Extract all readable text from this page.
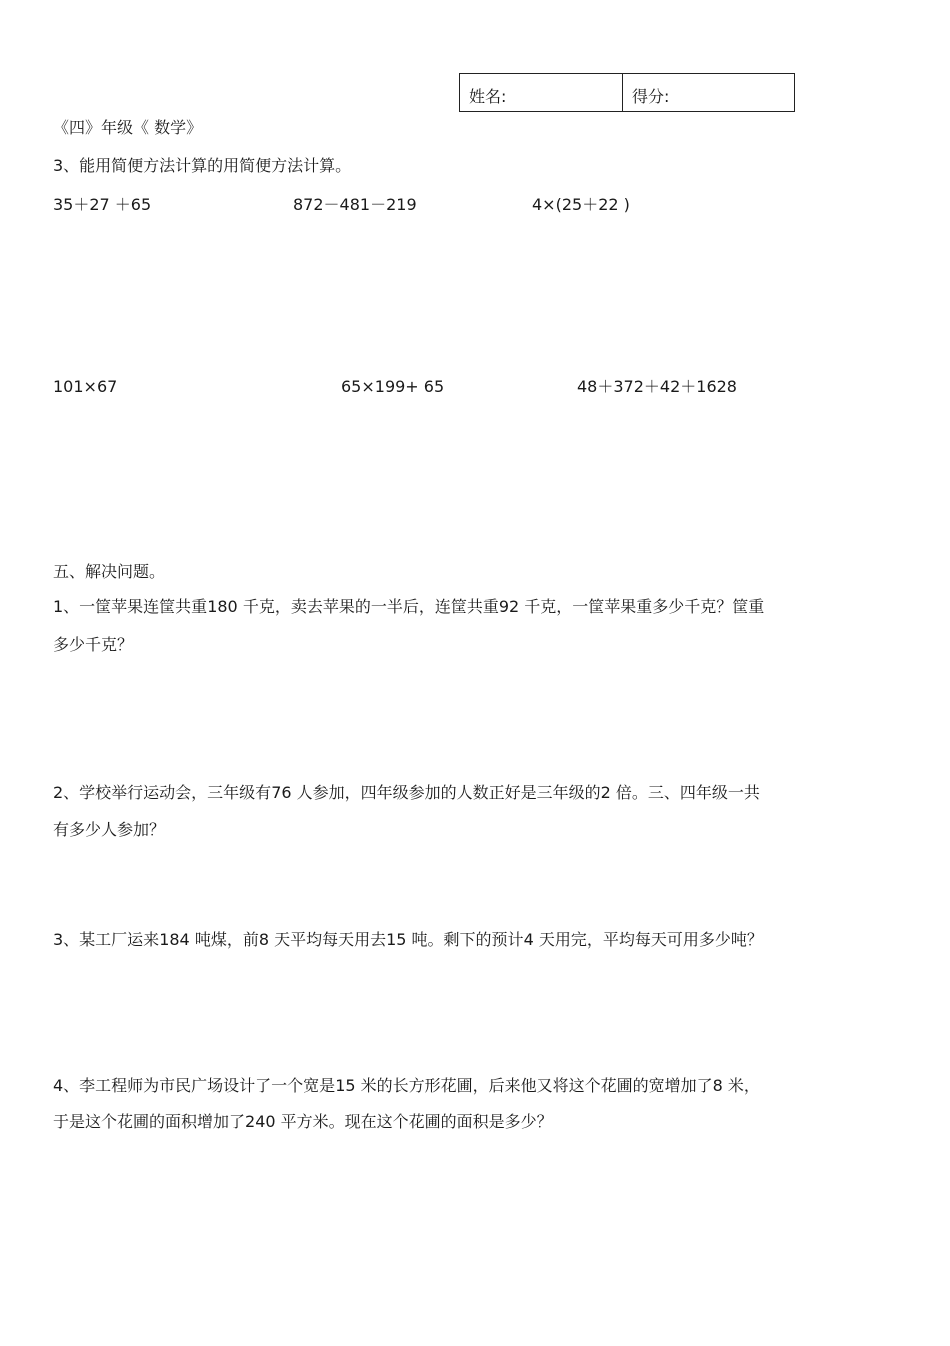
姓名:	得分:
《四》年级《 数学》
3、能用简便方法计算的用简便方法计算。
35＋27 ＋65	872－481－219	4×(25＋22 )
101×67	65×199+ 65	48＋372＋42＋1628
五、解决问题。
1、一筐苹果连筐共重180 千克，卖去苹果的一半后，连筐共重92 千克，一筐苹果重多少千克？筐重
多少千克？
2、学校举行运动会，三年级有76 人参加，四年级参加的人数正好是三年级的2 倍。三、四年级一共
有多少人参加？
3、某工厂运来184 吨煤，前8 天平均每天用去15 吨。剩下的预计4 天用完，平均每天可用多少吨？
4、李工程师为市民广场设计了一个宽是15 米的长方形花圃，后来他又将这个花圃的宽增加了8 米，
于是这个花圃的面积增加了240 平方米。现在这个花圃的面积是多少？
